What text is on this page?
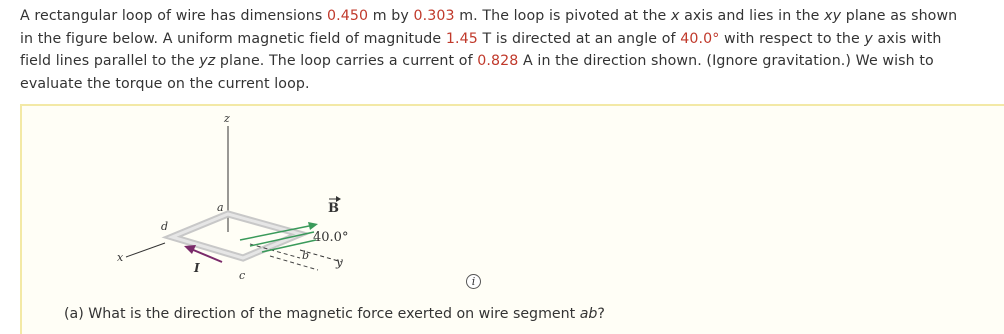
A rectangular loop of wire has dimensions 0.450 m by 0.303 m. The loop is pivoted at the x axis and lies in the xy plane as shown
in the figure below. A uniform magnetic field of magnitude 1.45 T is directed at an angle of 40.0° with respect to the y axis with
field lines parallel to the yz plane. The loop carries a current of 0.828 A in the direction shown. (Ignore gravitation.) We wish to
evaluate the torque on the current loop.
z
x	y
B
40.0°
a
d
c
b
I
i
(a) What is the direction of the magnetic force exerted on wire segment ab?
